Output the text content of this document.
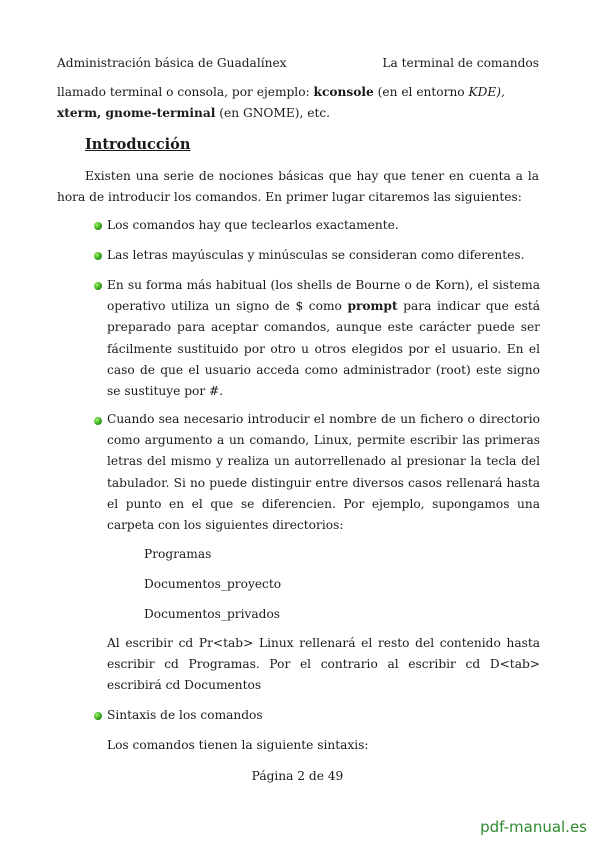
Administración básica de Guadalínex	La terminal de comandos

llamado terminal o consola, por ejemplo: kconsole (en el entorno KDE),
xterm, gnome-terminal (en GNOME), etc.

Introducción

Existen una serie de nociones básicas que hay que tener en cuenta a la hora de introducir los comandos. En primer lugar citaremos las siguientes:

Los comandos hay que teclearlos exactamente.

Las letras mayúsculas y minúsculas se consideran como diferentes.

En su forma más habitual (los shells de Bourne o de Korn), el sistema operativo utiliza un signo de $ como prompt para indicar que está preparado para aceptar comandos, aunque este carácter puede ser fácilmente sustituido por otro u otros elegidos por el usuario. En el caso de que el usuario acceda como administrador (root) este signo se sustituye por #.

Cuando sea necesario introducir el nombre de un fichero o directorio como argumento a un comando, Linux, permite escribir las primeras letras del mismo y realiza un autorrellenado al presionar la tecla del tabulador. Si no puede distinguir entre diversos casos rellenará hasta el punto en el que se diferencien. Por ejemplo, supongamos una carpeta con los siguientes directorios:

Programas
Documentos_proyecto
Documentos_privados

Al escribir cd Pr<tab> Linux rellenará el resto del contenido hasta escribir cd Programas. Por el contrario al escribir cd D<tab> escribirá cd Documentos

Sintaxis de los comandos

Los comandos tienen la siguiente sintaxis:

Página 2 de 49
pdf-manual.es
